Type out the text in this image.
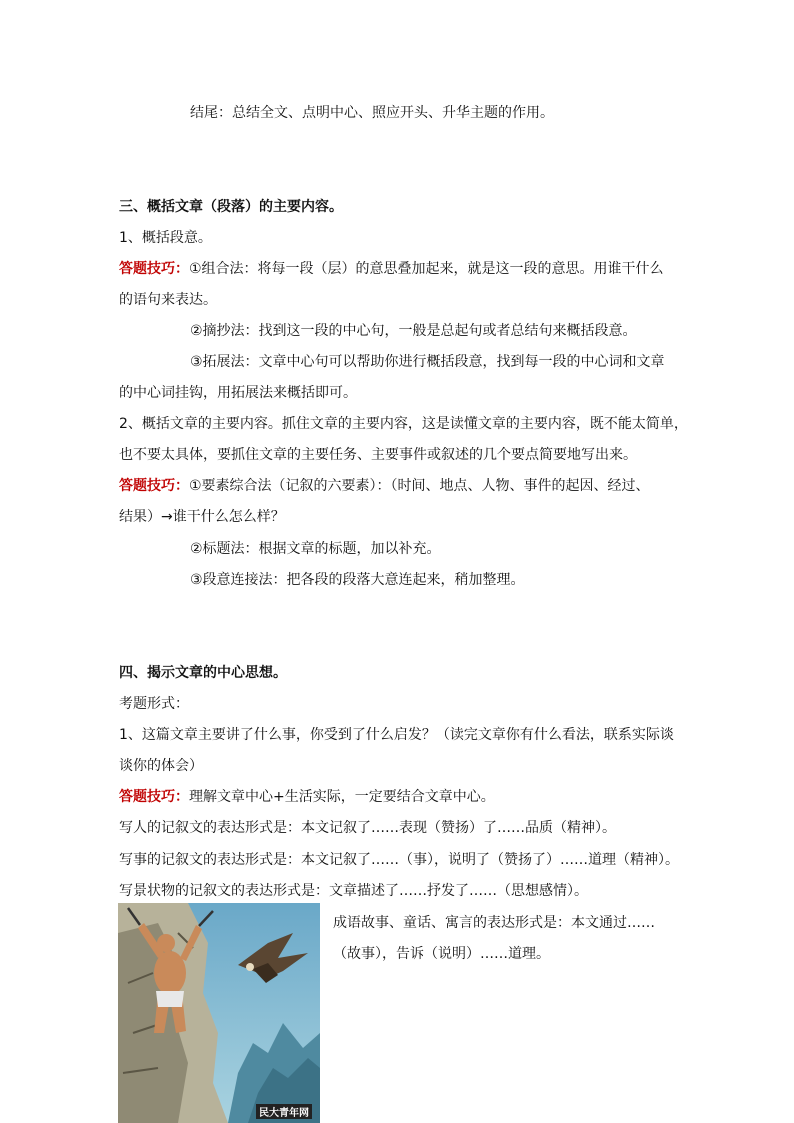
结尾：总结全文、点明中心、照应开头、升华主题的作用。
三、概括文章（段落）的主要内容。
1、概括段意。
答题技巧：①组合法：将每一段（层）的意思叠加起来，就是这一段的意思。用谁干什么
的语句来表达。
②摘抄法：找到这一段的中心句，一般是总起句或者总结句来概括段意。
③拓展法：文章中心句可以帮助你进行概括段意，找到每一段的中心词和文章
的中心词挂钩，用拓展法来概括即可。
2、概括文章的主要内容。抓住文章的主要内容，这是读懂文章的主要内容，既不能太简单，
也不要太具体，要抓住文章的主要任务、主要事件或叙述的几个要点简要地写出来。
答题技巧：①要素综合法（记叙的六要素）：（时间、地点、人物、事件的起因、经过、
结果）→谁干什么怎么样？
②标题法：根据文章的标题，加以补充。
③段意连接法：把各段的段落大意连起来，稍加整理。
四、揭示文章的中心思想。
考题形式：
1、这篇文章主要讲了什么事，你受到了什么启发？（读完文章你有什么看法，联系实际谈
谈你的体会）
答题技巧：理解文章中心+生活实际，一定要结合文章中心。
写人的记叙文的表达形式是：本文记叙了……表现（赞扬）了……品质（精神）。
写事的记叙文的表达形式是：本文记叙了……（事），说明了（赞扬了）……道理（精神）。
写景状物的记叙文的表达形式是：文章描述了……抒发了……（思想感情）。
成语故事、童话、寓言的表达形式是：本文通过……
（故事），告诉（说明）……道理。
民大青年网
